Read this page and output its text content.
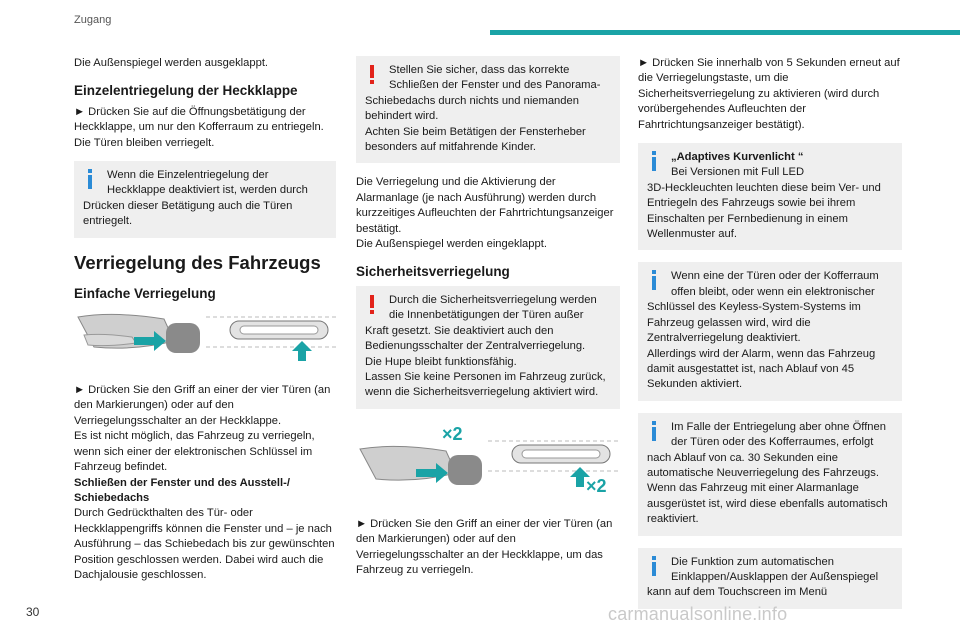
Zugang

Die Außenspiegel werden ausgeklappt.

Einzelentriegelung der Heckklappe

► Drücken Sie auf die Öffnungsbetätigung der Heckklappe, um nur den Kofferraum zu entriegeln. Die Türen bleiben verriegelt.

Wenn die Einzelentriegelung der
Heckklappe deaktiviert ist, werden durch Drücken dieser Betätigung auch die Türen entriegelt.
Verriegelung des Fahrzeugs
Einfache Verriegelung

► Drücken Sie den Griff an einer der vier Türen (an den Markierungen) oder auf den Verriegelungsschalter an der Heckklappe.

Es ist nicht möglich, das Fahrzeug zu verriegeln, wenn sich einer der elektronischen Schlüssel im Fahrzeug befindet.

Schließen der Fenster und des Ausstell-/ Schiebedachs

Durch Gedrückthalten des Tür- oder Heckklappengriffs können die Fenster und – je nach Ausführung – das Schiebedach bis zur gewünschten Position geschlossen werden. Dabei wird auch die Dachjalousie geschlossen.

Stellen Sie sicher, dass das korrekte
Schließen der Fenster und des Panorama-
Schiebedachs durch nichts und niemanden behindert wird.
Achten Sie beim Betätigen der Fensterheber besonders auf mitfahrende Kinder.

Die Verriegelung und die Aktivierung der Alarmanlage (je nach Ausführung) werden durch kurzzeitiges Aufleuchten der Fahrtrichtungsanzeiger bestätigt.

Die Außenspiegel werden eingeklappt.

Sicherheitsverriegelung
Durch die Sicherheitsverriegelung werden
die Innenbetätigungen der Türen außer
Kraft gesetzt. Sie deaktiviert auch den Bedienungsschalter der Zentralverriegelung.
Die Hupe bleibt funktionsfähig.
Lassen Sie keine Personen im Fahrzeug zurück, wenn die Sicherheitsverriegelung aktiviert wird.
×2
×2

► Drücken Sie den Griff an einer der vier Türen (an den Markierungen) oder auf den Verriegelungsschalter an der Heckklappe, um das Fahrzeug zu verriegeln.

► Drücken Sie innerhalb von 5 Sekunden erneut auf die Verriegelungstaste, um die Sicherheitsverriegelung zu aktivieren (wird durch vorübergehendes Aufleuchten der Fahrtrichtungsanzeiger bestätigt).

„Adaptives Kurvenlicht “
Bei Versionen mit Full LED
3D-Heckleuchten leuchten diese beim Ver- und Entriegeln des Fahrzeugs sowie bei ihrem Einschalten per Fernbedienung in einem Wellenmuster auf.
Wenn eine der Türen oder der Kofferraum
offen bleibt, oder wenn ein elektronischer
Schlüssel des Keyless-System-Systems im Fahrzeug gelassen wird, wird die Zentralverriegelung deaktiviert.
Allerdings wird der Alarm, wenn das Fahrzeug damit ausgestattet ist, nach Ablauf von 45 Sekunden aktiviert.
Im Falle der Entriegelung aber ohne Öffnen
der Türen oder des Kofferraumes, erfolgt
nach Ablauf von ca. 30 Sekunden eine automatische Neuverriegelung des Fahrzeugs. Wenn das Fahrzeug mit einer Alarmanlage ausgerüstet ist, wird diese ebenfalls automatisch reaktiviert.
Die Funktion zum automatischen
Einklappen/Ausklappen der Außenspiegel
kann auf dem Touchscreen im Menü
30	carmanualsonline.info
